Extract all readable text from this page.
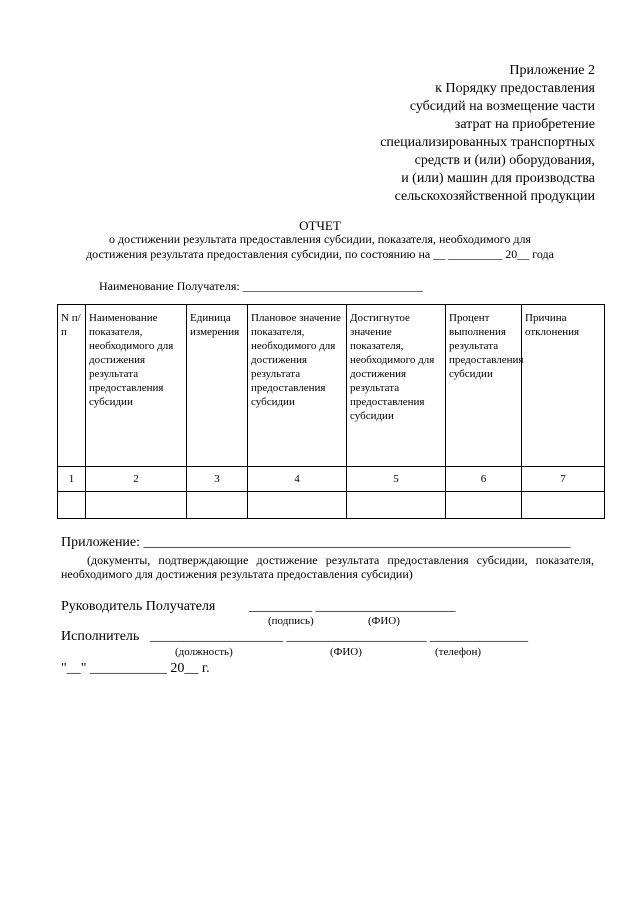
Приложение 2
к Порядку предоставления
субсидий на возмещение части
затрат на приобретение
специализированных транспортных
средств и (или) оборудования,
и (или) машин для производства
сельскохозяйственной продукции
ОТЧЕТ
о достижении результата предоставления субсидии, показателя, необходимого для
достижения результата предоставления субсидии, по состоянию на __ _________ 20__ года
Наименование Получателя: ______________________________
N п/п	Наименование показателя, необходимого для достижения результата предоставления субсидии	Единица измерения	Плановое значение показателя, необходимого для достижения результата предоставления субсидии	Достигнутое значение показателя, необходимого для достижения результата предоставления субсидии	Процент выполнения результата предоставления субсидии	Причина отклонения
1	2	3	4	5	6	7

Приложение: _____________________________________________________________
(документы, подтверждающие достижение результата предоставления субсидии, показателя,
необходимого для достижения результата предоставления субсидии)
Руководитель Получателя _________ ____________________
(подпись)	(ФИО)
Исполнитель ___________________ ____________________ ______________
(должность)	(ФИО)	(телефон)
"__" ___________ 20__ г.
